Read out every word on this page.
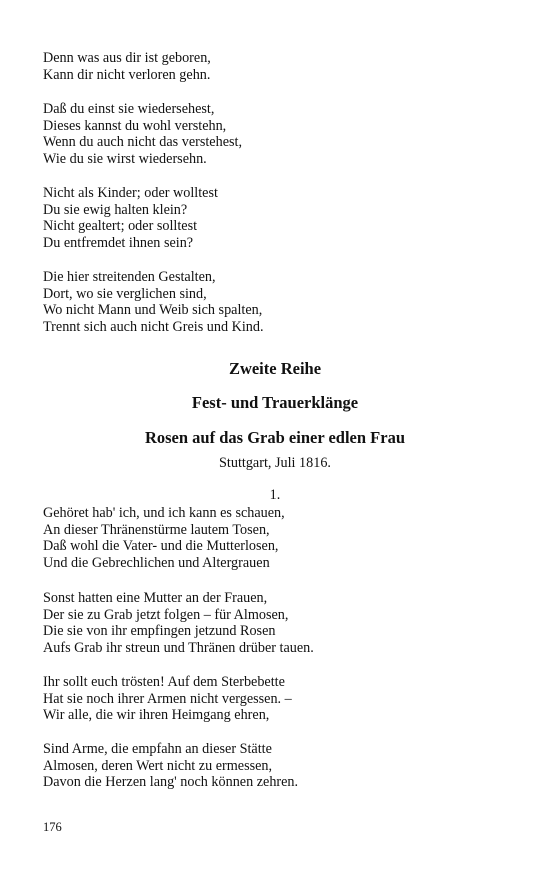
Denn was aus dir ist geboren,
Kann dir nicht verloren gehn.
Daß du einst sie wiedersehest,
Dieses kannst du wohl verstehn,
Wenn du auch nicht das verstehest,
Wie du sie wirst wiedersehn.
Nicht als Kinder; oder wolltest
Du sie ewig halten klein?
Nicht gealtert; oder solltest
Du entfremdet ihnen sein?
Die hier streitenden Gestalten,
Dort, wo sie verglichen sind,
Wo nicht Mann und Weib sich spalten,
Trennt sich auch nicht Greis und Kind.
Zweite Reihe
Fest- und Trauerklänge
Rosen auf das Grab einer edlen Frau
Stuttgart, Juli 1816.
1.
Gehöret hab' ich, und ich kann es schauen,
An dieser Thränenstürme lautem Tosen,
Daß wohl die Vater- und die Mutterlosen,
Und die Gebrechlichen und Altergrauen
Sonst hatten eine Mutter an der Frauen,
Der sie zu Grab jetzt folgen – für Almosen,
Die sie von ihr empfingen jetzund Rosen
Aufs Grab ihr streun und Thränen drüber tauen.
Ihr sollt euch trösten! Auf dem Sterbebette
Hat sie noch ihrer Armen nicht vergessen. –
Wir alle, die wir ihren Heimgang ehren,
Sind Arme, die empfahn an dieser Stätte
Almosen, deren Wert nicht zu ermessen,
Davon die Herzen lang' noch können zehren.
176
